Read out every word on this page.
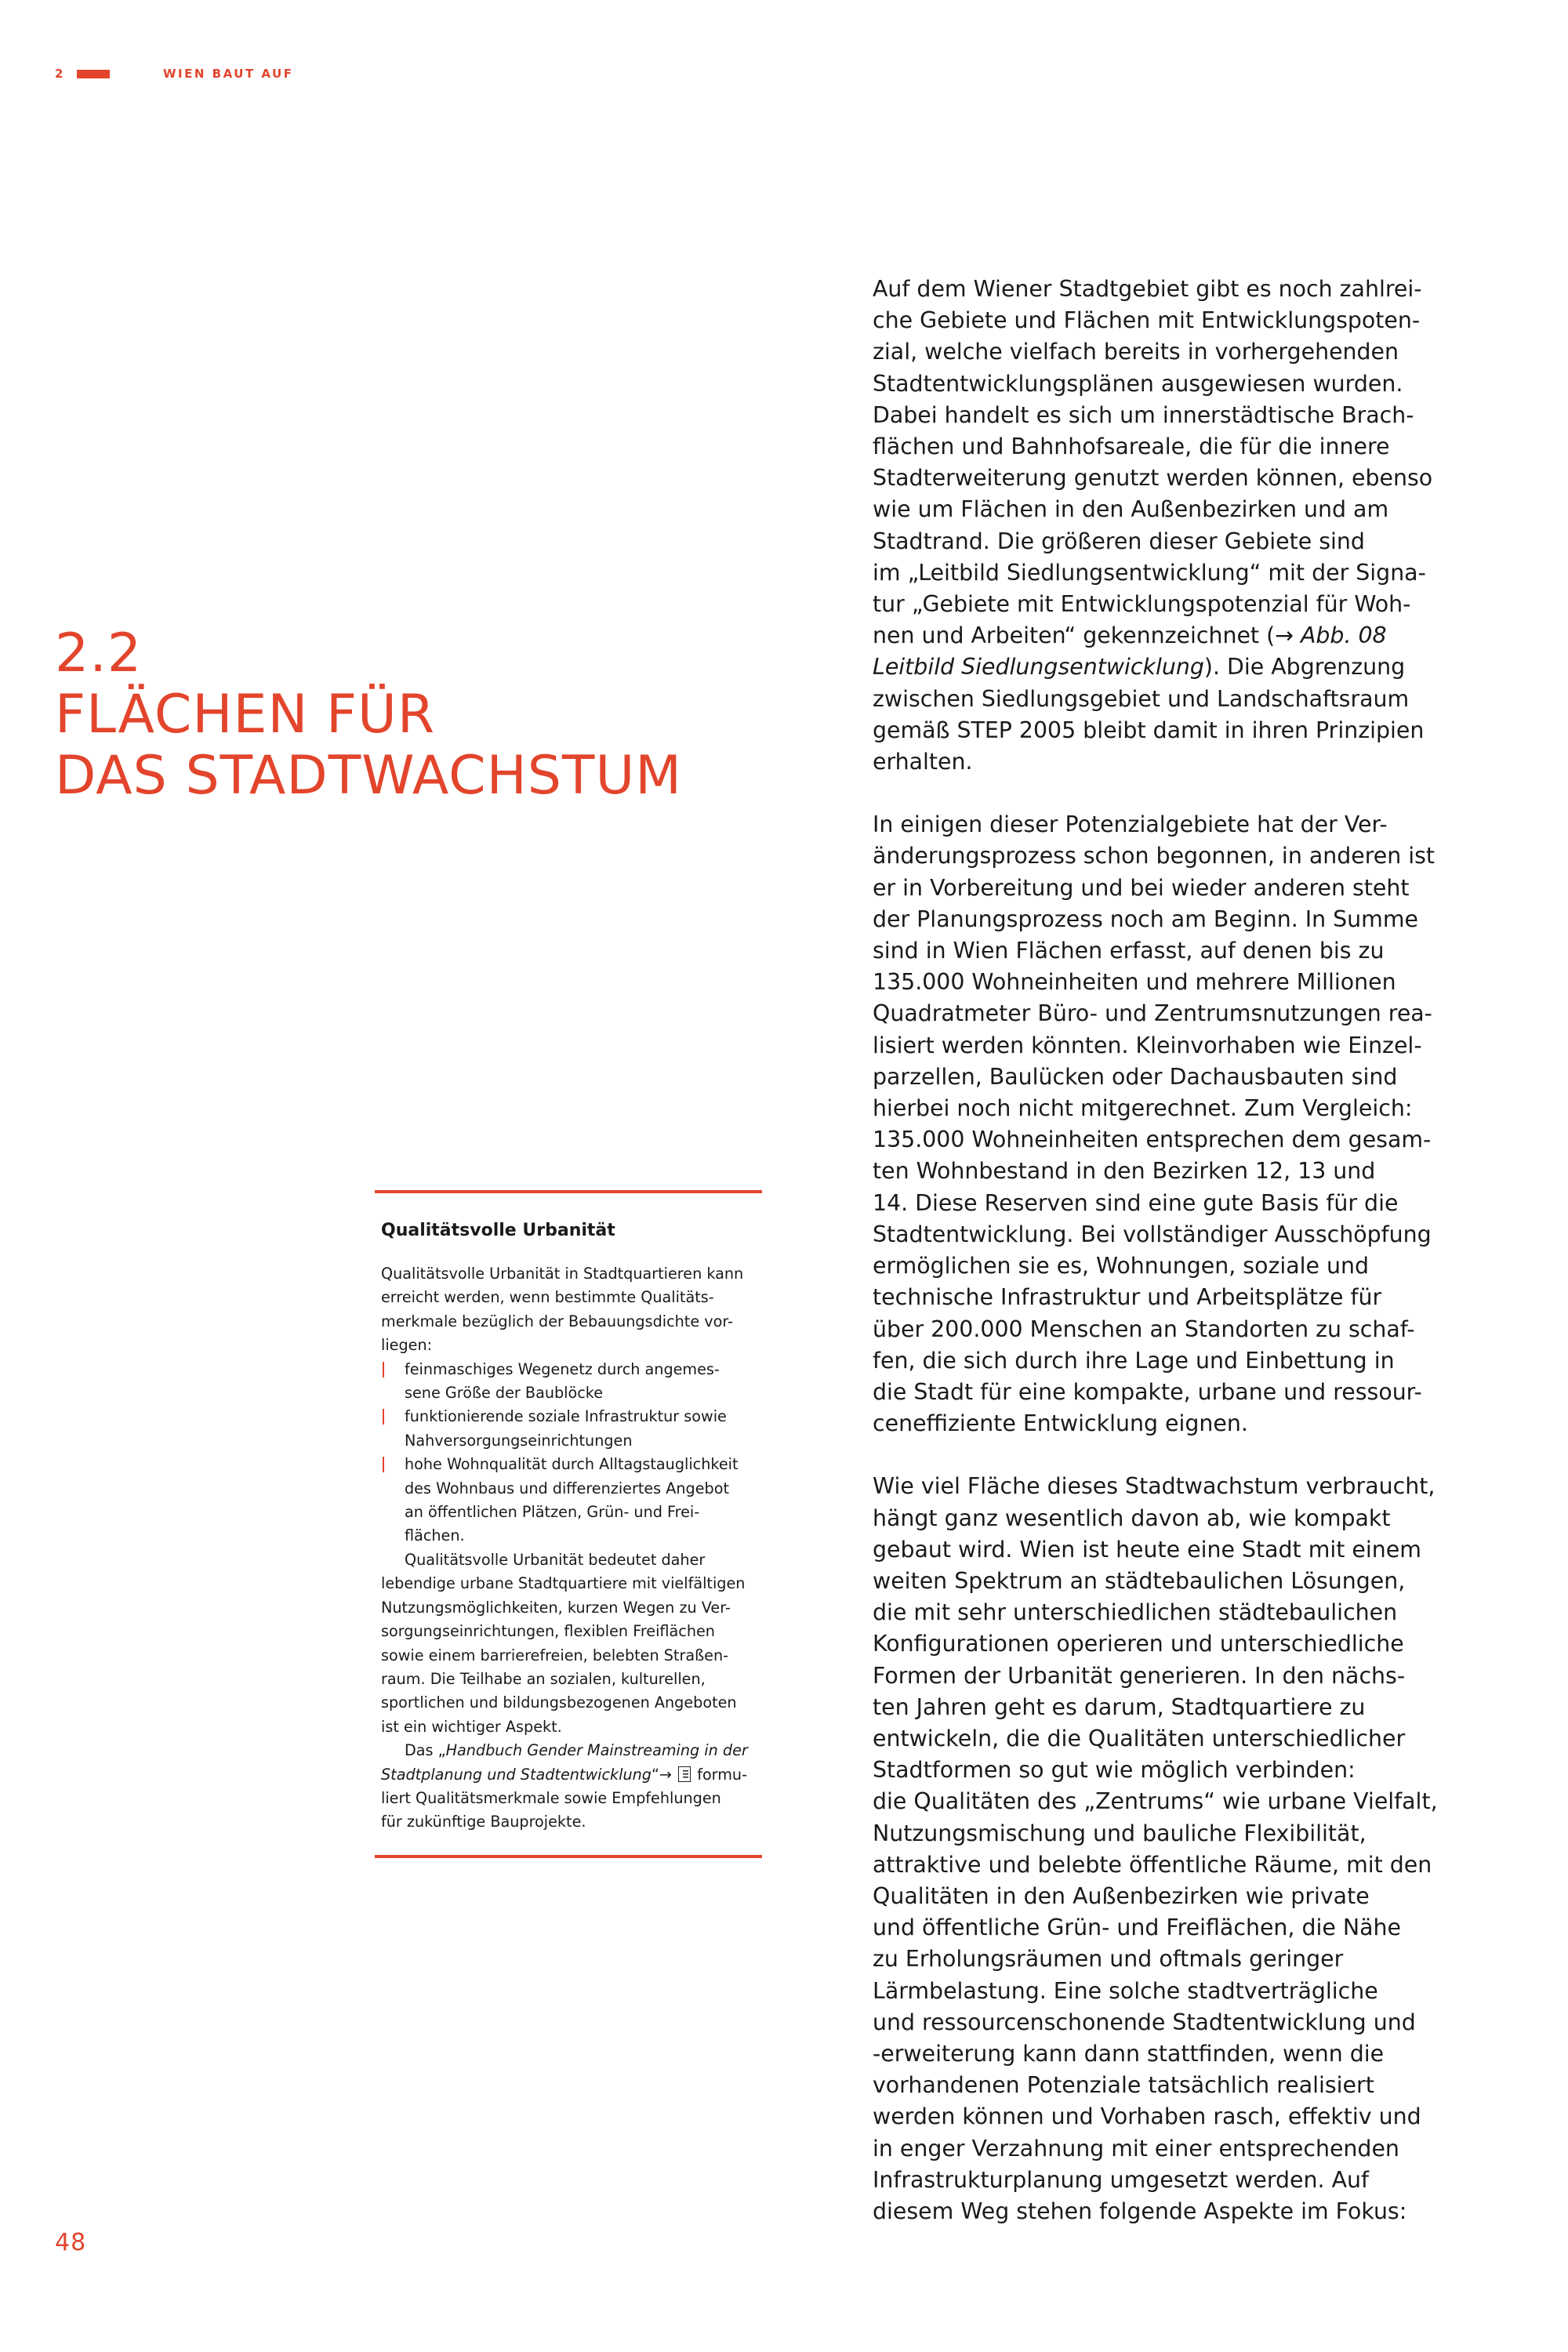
2	WIEN BAUT AUF
2.2
FLÄCHEN FÜR
DAS STADTWACHSTUM
Qualitätsvolle Urbanität
Qualitätsvolle Urbanität in Stadtquartieren kann
erreicht werden, wenn bestimmte Qualitäts-
merkmale bezüglich der Bebauungsdichte vor-
liegen:
feinmaschiges Wegenetz durch angemes-
sene Größe der Baublöcke
funktionierende soziale Infrastruktur sowie
Nahversorgungseinrichtungen
hohe Wohnqualität durch Alltagstauglichkeit
des Wohnbaus und differenziertes Angebot
an öffentlichen Plätzen, Grün- und Frei-
flächen.
Qualitätsvolle Urbanität bedeutet daher
lebendige urbane Stadtquartiere mit vielfältigen
Nutzungsmöglichkeiten, kurzen Wegen zu Ver-
sorgungseinrichtungen, flexiblen Freiflächen
sowie einem barrierefreien, belebten Straßen-
raum. Die Teilhabe an sozialen, kulturellen,
sportlichen und bildungsbezogenen Angeboten
ist ein wichtiger Aspekt.
Das „Handbuch Gender Mainstreaming in der
Stadtplanung und Stadtentwicklung“→  formu-
liert Qualitätsmerkmale sowie Empfehlungen
für zukünftige Bauprojekte.
Auf dem Wiener Stadtgebiet gibt es noch zahlrei-
che Gebiete und Flächen mit Entwicklungspoten-
zial, welche vielfach bereits in vorhergehenden
Stadtentwicklungsplänen ausgewiesen wurden.
Dabei handelt es sich um innerstädtische Brach-
flächen und Bahnhofsareale, die für die innere
Stadterweiterung genutzt werden können, ebenso
wie um Flächen in den Außenbezirken und am
Stadtrand. Die größeren dieser Gebiete sind
im „Leitbild Siedlungsentwicklung“ mit der Signa-
tur „Gebiete mit Entwicklungspotenzial für Woh-
nen und Arbeiten“ gekennzeichnet (→ Abb. 08
Leitbild Siedlungsentwicklung). Die Abgrenzung
zwischen Siedlungsgebiet und Landschaftsraum
gemäß STEP 2005 bleibt damit in ihren Prinzipien
erhalten.
In einigen dieser Potenzialgebiete hat der Ver-
änderungsprozess schon begonnen, in anderen ist
er in Vorbereitung und bei wieder anderen steht
der Planungsprozess noch am Beginn. In Summe
sind in Wien Flächen erfasst, auf denen bis zu
135.000 Wohneinheiten und mehrere Millionen
Quadratmeter Büro- und Zentrumsnutzungen rea-
lisiert werden könnten. Kleinvorhaben wie Einzel-
parzellen, Baulücken oder Dachausbauten sind
hierbei noch nicht mitgerechnet. Zum Vergleich:
135.000 Wohneinheiten entsprechen dem gesam-
ten Wohnbestand in den Bezirken 12, 13 und
14. Diese Reserven sind eine gute Basis für die
Stadtentwicklung. Bei vollständiger Ausschöpfung
ermöglichen sie es, Wohnungen, soziale und
technische Infrastruktur und Arbeitsplätze für
über 200.000 Menschen an Standorten zu schaf-
fen, die sich durch ihre Lage und Einbettung in
die Stadt für eine kompakte, urbane und ressour-
ceneffiziente Entwicklung eignen.
Wie viel Fläche dieses Stadtwachstum verbraucht,
hängt ganz wesentlich davon ab, wie kompakt
gebaut wird. Wien ist heute eine Stadt mit einem
weiten Spektrum an städtebaulichen Lösungen,
die mit sehr unterschiedlichen städtebaulichen
Konfigurationen operieren und unterschiedliche
Formen der Urbanität generieren. In den nächs-
ten Jahren geht es darum, Stadtquartiere zu
entwickeln, die die Qualitäten unterschiedlicher
Stadtformen so gut wie möglich verbinden:
die Qualitäten des „Zentrums“ wie urbane Vielfalt,
Nutzungsmischung und bauliche Flexibilität,
attraktive und belebte öffentliche Räume, mit den
Qualitäten in den Außenbezirken wie private
und öffentliche Grün- und Freiflächen, die Nähe
zu Erholungsräumen und oftmals geringer
Lärmbelastung. Eine solche stadtverträgliche
und ressourcenschonende Stadtentwicklung und
-erweiterung kann dann stattfinden, wenn die
vorhandenen Potenziale tatsächlich realisiert
werden können und Vorhaben rasch, effektiv und
in enger Verzahnung mit einer entsprechenden
Infrastrukturplanung umgesetzt werden. Auf
diesem Weg stehen folgende Aspekte im Fokus:
48
